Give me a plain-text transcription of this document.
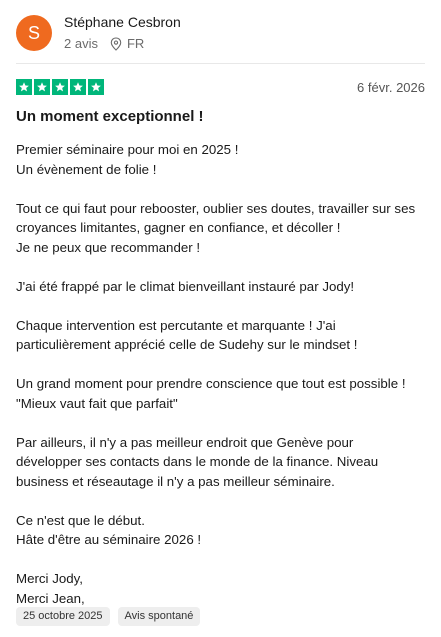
S
Stéphane Cesbron
2 avis FR
6 févr. 2026
Un moment exceptionnel !

Premier séminaire pour moi en 2025 !
Un évènement de folie !

Tout ce qui faut pour rebooster, oublier ses doutes, travailler sur ses croyances limitantes, gagner en confiance, et décoller !
Je ne peux que recommander !

J'ai été frappé par le climat bienveillant instauré par Jody!

Chaque intervention est percutante et marquante ! J'ai particulièrement apprécié celle de Sudehy sur le mindset !

Un grand moment pour prendre conscience que tout est possible ! "Mieux vaut fait que parfait"

Par ailleurs, il n'y a pas meilleur endroit que Genève pour développer ses contacts dans le monde de la finance. Niveau business et réseautage il n'y a pas meilleur séminaire.

Ce n'est que le début.
Hâte d'être au séminaire 2026 !

Merci Jody,
Merci Jean,

25 octobre 2025	Avis spontané
